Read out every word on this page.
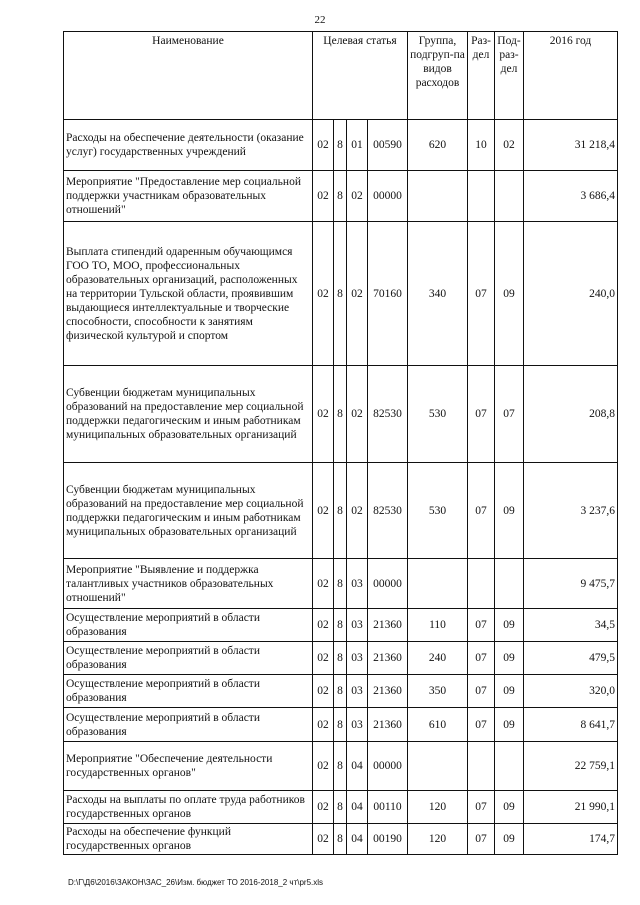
22
Наименование	Целевая статья				Группа, подгруп-па видов расходов	Раз-дел	Под-раз-дел	2016 год
Расходы на обеспечение деятельности (оказание услуг) государственных учреждений	02	8	01	00590	620	10	02	31 218,4
Мероприятие "Предоставление мер социальной поддержки участникам образовательных отношений"	02	8	02	00000				3 686,4
Выплата стипендий одаренным обучающимся ГОО ТО, МОО, профессиональных образовательных организаций, расположенных на территории Тульской области, проявившим выдающиеся интеллектуальные и творческие способности, способности к занятиям физической культурой и спортом	02	8	02	70160	340	07	09	240,0
Субвенции бюджетам муниципальных образований на предоставление мер социальной поддержки педагогическим и иным работникам муниципальных образовательных организаций	02	8	02	82530	530	07	07	208,8
Субвенции бюджетам муниципальных образований на предоставление мер социальной поддержки педагогическим и иным работникам муниципальных образовательных организаций	02	8	02	82530	530	07	09	3 237,6
Мероприятие "Выявление и поддержка талантливых участников образовательных отношений"	02	8	03	00000				9 475,7
Осуществление мероприятий в области образования	02	8	03	21360	110	07	09	34,5
Осуществление мероприятий в области образования	02	8	03	21360	240	07	09	479,5
Осуществление мероприятий в области образования	02	8	03	21360	350	07	09	320,0
Осуществление мероприятий в области образования	02	8	03	21360	610	07	09	8 641,7
Мероприятие "Обеспечение деятельности государственных органов"	02	8	04	00000				22 759,1
Расходы на выплаты по оплате труда работников государственных органов	02	8	04	00110	120	07	09	21 990,1
Расходы на обеспечение функций государственных органов	02	8	04	00190	120	07	09	174,7
D:\Г\Д6\2016\ЗАКОН\ЗАС_26\Изм. бюджет ТО 2016-2018_2 чт\pr5.xls
